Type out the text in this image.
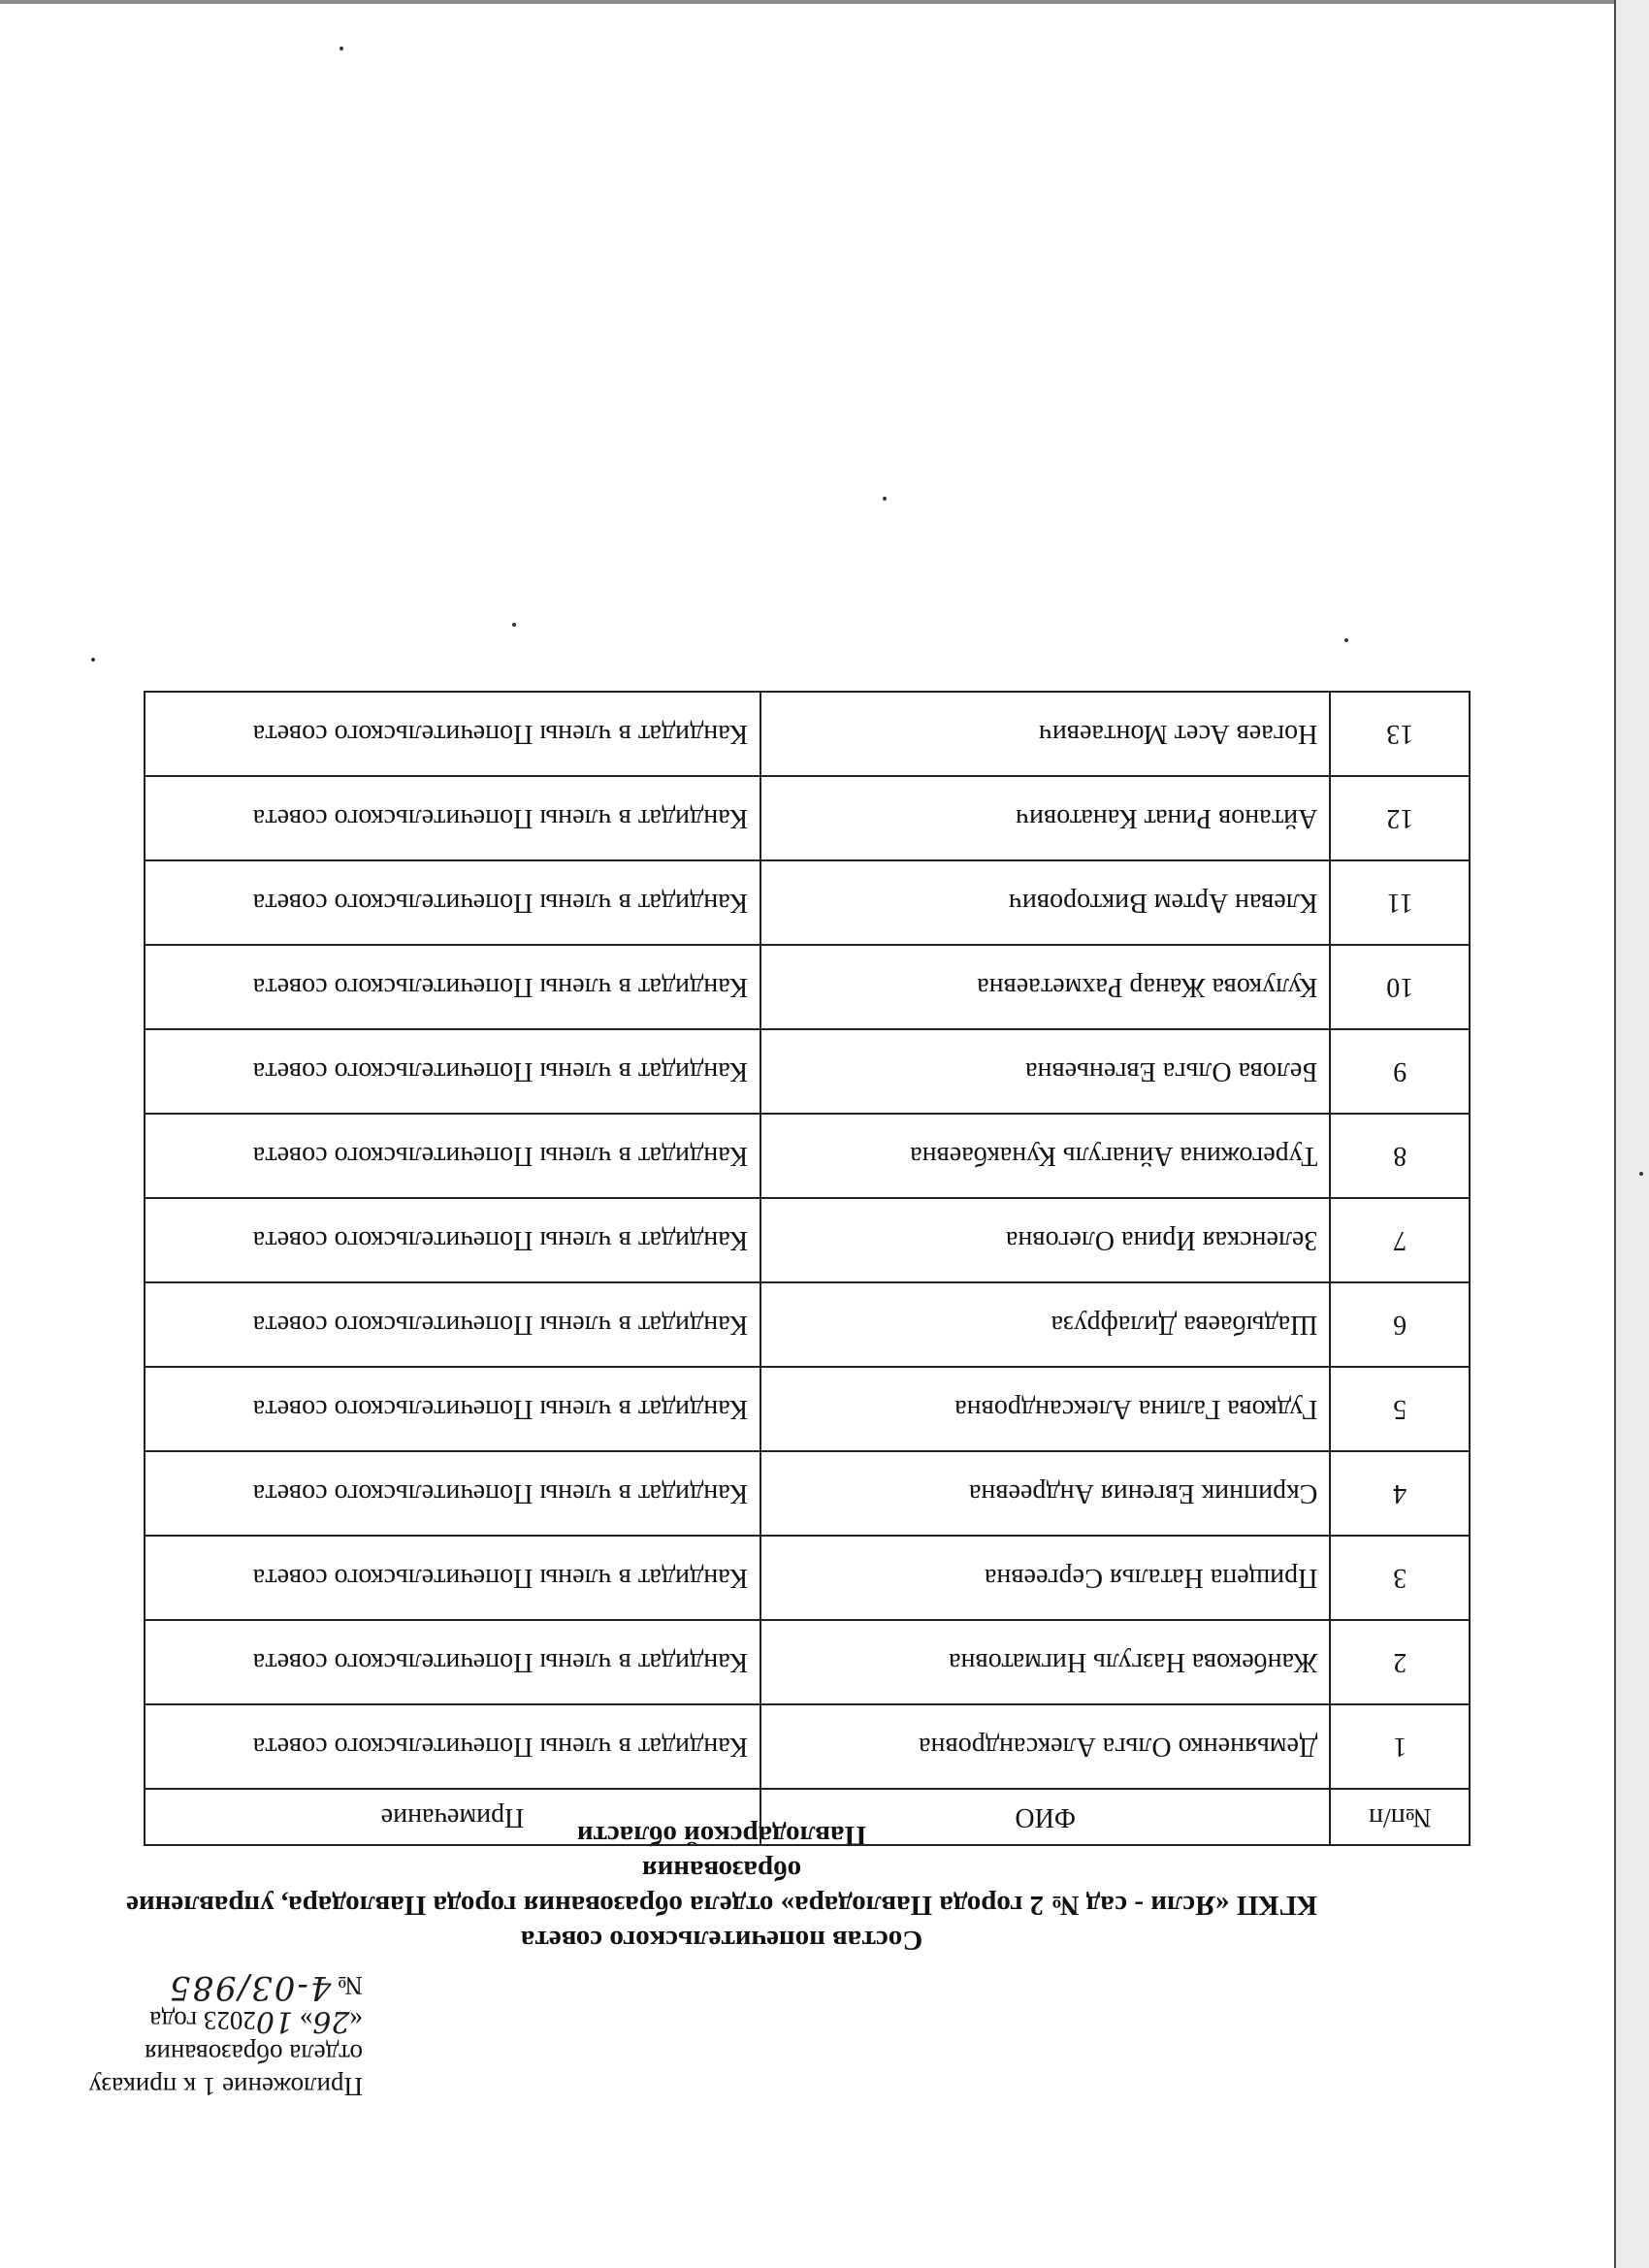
Приложение 1 к приказу
отдела образования
«26» 102023 года
№ 4-03/985
Состав попечительского совета
КГКП «Ясли - сад № 2 города Павлодара» отдела образования города Павлодара, управление образования
Павлодарской области
№п/п	ФИО	Примечание
1	Демьяненко Ольга Александровна	Кандидат в члены Попечительского совета
2	Жанбекова Назгуль Нигматовна	Кандидат в члены Попечительского совета
3	Прищепа Наталья Сергеевна	Кандидат в члены Попечительского совета
4	Скрипник Евгения Андреевна	Кандидат в члены Попечительского совета
5	Гудкова Галина Александровна	Кандидат в члены Попечительского совета
6	Шадыбаева Дилафруза	Кандидат в члены Попечительского совета
7	Зеленская Ирина Олеговна	Кандидат в члены Попечительского совета
8	Турегожина Айнагуль Кунакбаевна	Кандидат в члены Попечительского совета
9	Белова Ольга Евгеньевна	Кандидат в члены Попечительского совета
10	Кулукова Жанар Рахметаевна	Кандидат в члены Попечительского совета
11	Клеван Артем Викторович	Кандидат в члены Попечительского совета
12	Айтанов Ринат Канатович	Кандидат в члены Попечительского совета
13	Ногаев Асет Монтаевич	Кандидат в члены Попечительского совета
